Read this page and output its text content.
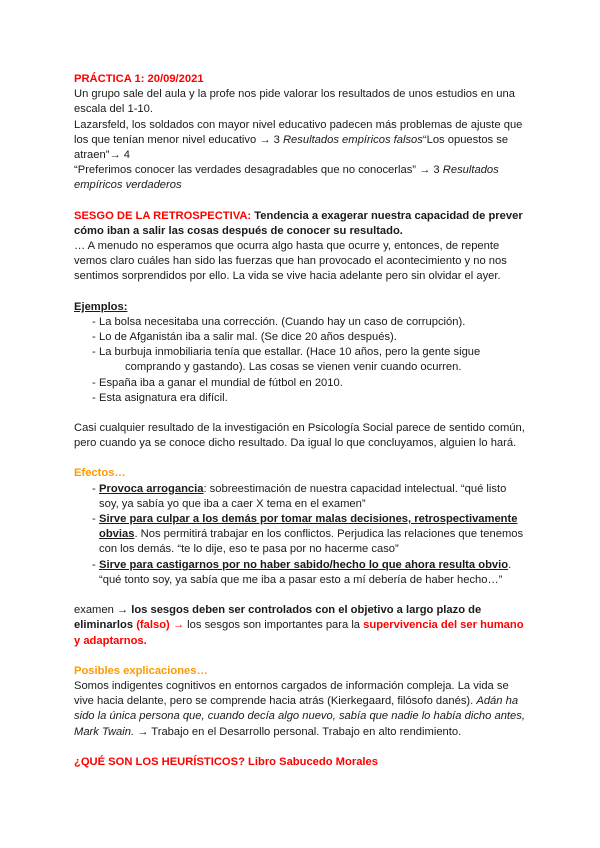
PRÁCTICA 1: 20/09/2021

Un grupo sale del aula y la profe nos pide valorar los resultados de unos estudios en una escala del 1-10.

Lazarsfeld, los soldados con mayor nivel educativo padecen más problemas de ajuste que los que tenían menor nivel educativo → 3 Resultados empíricos falsos“Los opuestos se atraen”→ 4

“Preferimos conocer las verdades desagradables que no conocerlas” → 3 Resultados empíricos verdaderos

SESGO DE LA RETROSPECTIVA: Tendencia a exagerar nuestra capacidad de prever cómo iban a salir las cosas después de conocer su resultado.

… A menudo no esperamos que ocurra algo hasta que ocurre y, entonces, de repente vemos claro cuáles han sido las fuerzas que han provocado el acontecimiento y no nos sentimos sorprendidos por ello. La vida se vive hacia adelante pero sin olvidar el ayer.

Ejemplos:

- La bolsa necesitaba una corrección. (Cuando hay un caso de corrupción).
- Lo de Afganistán iba a salir mal. (Se dice 20 años después).
- La burbuja inmobiliaria tenía que estallar. (Hace 10 años, pero la gente sigue
comprando y gastando). Las cosas se vienen venir cuando ocurren.
- España iba a ganar el mundial de fútbol en 2010.
- Esta asignatura era difícil.

Casi cualquier resultado de la investigación en Psicología Social parece de sentido común, pero cuando ya se conoce dicho resultado. Da igual lo que concluyamos, alguien lo hará.

Efectos…

- Provoca arrogancia: sobreestimación de nuestra capacidad intelectual. “qué listo soy, ya sabía yo que iba a caer X tema en el examen”
- Sirve para culpar a los demás por tomar malas decisiones, retrospectivamente obvias. Nos permitirá trabajar en los conflictos. Perjudica las relaciones que tenemos con los demás. “te lo dije, eso te pasa por no hacerme caso”
- Sirve para castigarnos por no haber sabido/hecho lo que ahora resulta obvio. “qué tonto soy, ya sabía que me iba a pasar esto a mí debería de haber hecho…”

examen → los sesgos deben ser controlados con el objetivo a largo plazo de eliminarlos (falso) → los sesgos son importantes para la supervivencia del ser humano y adaptarnos.

Posibles explicaciones…

Somos indigentes cognitivos en entornos cargados de información compleja. La vida se vive hacia delante, pero se comprende hacia atrás (Kierkegaard, filósofo danés). Adán ha sido la única persona que, cuando decía algo nuevo, sabía que nadie lo había dicho antes, Mark Twain. → Trabajo en el Desarrollo personal. Trabajo en alto rendimiento.

¿QUÉ SON LOS HEURÍSTICOS? Libro Sabucedo Morales
